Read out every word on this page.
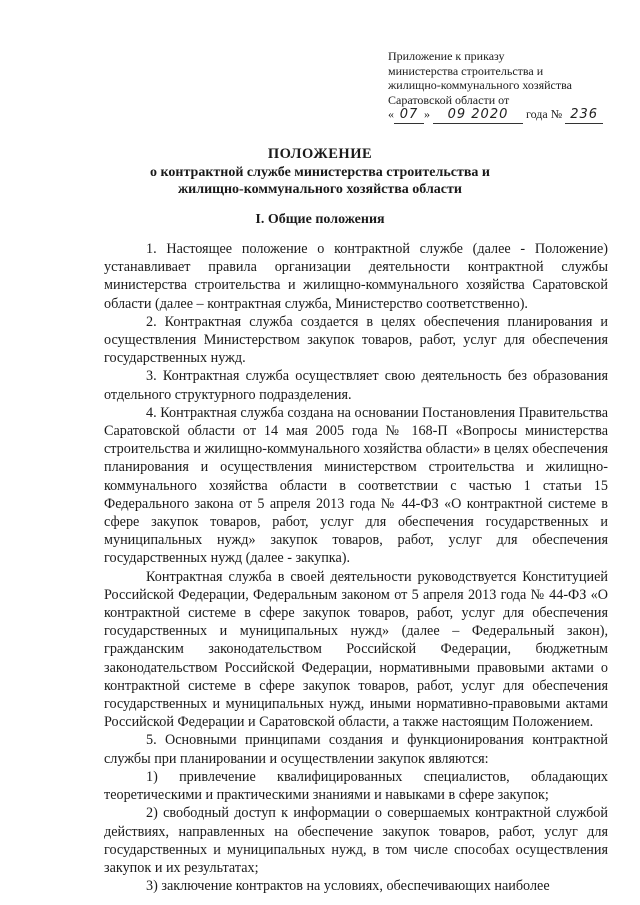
Приложение к приказу
министерства строительства и
жилищно-коммунального хозяйства
Саратовской области от
« 07 » 09 2020 года № 236
ПОЛОЖЕНИЕ
о контрактной службе министерства строительства и жилищно-коммунального хозяйства области
I. Общие положения

1. Настоящее положение о контрактной службе (далее - Положение) устанавливает правила организации деятельности контрактной службы министерства строительства и жилищно-коммунального хозяйства Саратовской области (далее – контрактная служба, Министерство соответственно).

2. Контрактная служба создается в целях обеспечения планирования и осуществления Министерством закупок товаров, работ, услуг для обеспечения государственных нужд.

3. Контрактная служба осуществляет свою деятельность без образования отдельного структурного подразделения.

4. Контрактная служба создана на основании Постановления Правительства Саратовской области от 14 мая 2005 года № 168-П «Вопросы министерства строительства и жилищно-коммунального хозяйства области» в целях обеспечения планирования и осуществления министерством строительства и жилищно-коммунального хозяйства области в соответствии с частью 1 статьи 15 Федерального закона от 5 апреля 2013 года № 44-ФЗ «О контрактной системе в сфере закупок товаров, работ, услуг для обеспечения государственных и муниципальных нужд» закупок товаров, работ, услуг для обеспечения государственных нужд (далее - закупка).

Контрактная служба в своей деятельности руководствуется Конституцией Российской Федерации, Федеральным законом от 5 апреля 2013 года № 44-ФЗ «О контрактной системе в сфере закупок товаров, работ, услуг для обеспечения государственных и муниципальных нужд» (далее – Федеральный закон), гражданским законодательством Российской Федерации, бюджетным законодательством Российской Федерации, нормативными правовыми актами о контрактной системе в сфере закупок товаров, работ, услуг для обеспечения государственных и муниципальных нужд, иными нормативно-правовыми актами Российской Федерации и Саратовской области, а также настоящим Положением.

5. Основными принципами создания и функционирования контрактной службы при планировании и осуществлении закупок являются:

1) привлечение квалифицированных специалистов, обладающих теоретическими и практическими знаниями и навыками в сфере закупок;

2) свободный доступ к информации о совершаемых контрактной службой действиях, направленных на обеспечение закупок товаров, работ, услуг для государственных и муниципальных нужд, в том числе способах осуществления закупок и их результатах;

3) заключение контрактов на условиях, обеспечивающих наиболее
